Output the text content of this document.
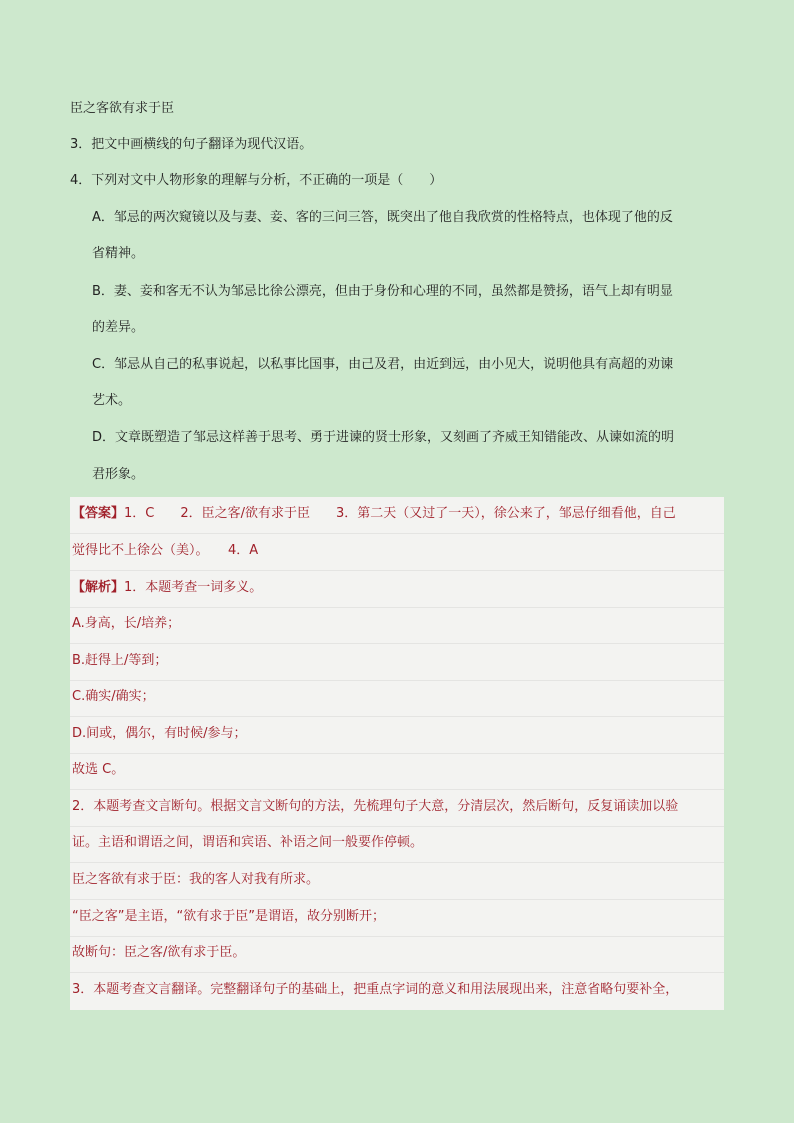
臣之客欲有求于臣
3．把文中画横线的句子翻译为现代汉语。
4．下列对文中人物形象的理解与分析，不正确的一项是（　　）
A．邹忌的两次窥镜以及与妻、妾、客的三问三答，既突出了他自我欣赏的性格特点，也体现了他的反
省精神。
B．妻、妾和客无不认为邹忌比徐公漂亮，但由于身份和心理的不同，虽然都是赞扬，语气上却有明显
的差异。
C．邹忌从自己的私事说起，以私事比国事，由己及君，由近到远，由小见大，说明他具有高超的劝谏
艺术。
D．文章既塑造了邹忌这样善于思考、勇于进谏的贤士形象，又刻画了齐威王知错能改、从谏如流的明
君形象。
【答案】1．C　　2．臣之客/欲有求于臣　　3．第二天（又过了一天），徐公来了，邹忌仔细看他，自己
觉得比不上徐公（美）。　　4．A
【解析】1．本题考查一词多义。
A.身高，长/培养；
B.赶得上/等到；
C.确实/确实；
D.间或，偶尔，有时候/参与；
故选 C。
2．本题考查文言断句。根据文言文断句的方法，先梳理句子大意，分清层次，然后断句，反复诵读加以验
证。主语和谓语之间，谓语和宾语、补语之间一般要作停顿。
臣之客欲有求于臣：我的客人对我有所求。
“臣之客”是主语，“欲有求于臣”是谓语，故分别断开；
故断句：臣之客/欲有求于臣。
3．本题考查文言翻译。完整翻译句子的基础上，把重点字词的意义和用法展现出来，注意省略句要补全，
